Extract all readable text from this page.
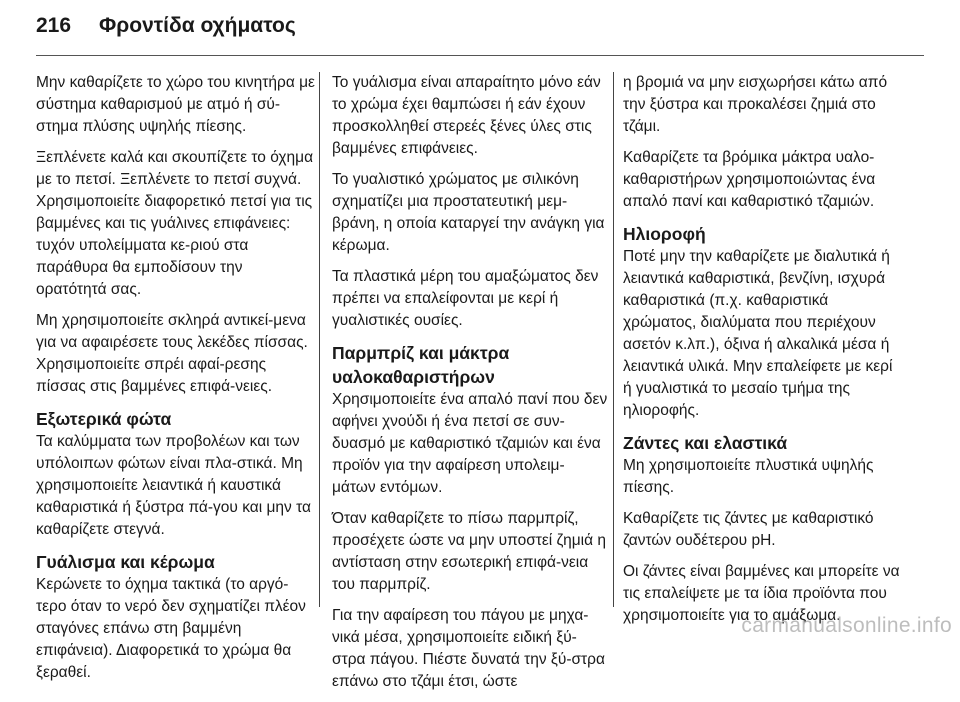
216 Φροντίδα οχήματος

Μην καθαρίζετε το χώρο του κινητήρα με σύστημα καθαρισμού με ατμό ή σύ-στημα πλύσης υψηλής πίεσης.

Ξεπλένετε καλά και σκουπίζετε το όχημα με το πετσί. Ξεπλένετε το πετσί συχνά. Χρησιμοποιείτε διαφορετικό πετσί για τις βαμμένες και τις γυάλινες επιφάνειες: τυχόν υπολείμματα κε-ριού στα παράθυρα θα εμποδίσουν την ορατότητά σας.

Μη χρησιμοποιείτε σκληρά αντικεί-μενα για να αφαιρέσετε τους λεκέδες πίσσας. Χρησιμοποιείτε σπρέι αφαί-ρεσης πίσσας στις βαμμένες επιφά-νειες.

Εξωτερικά φώτα

Τα καλύμματα των προβολέων και των υπόλοιπων φώτων είναι πλα-στικά. Μη χρησιμοποιείτε λειαντικά ή καυστικά καθαριστικά ή ξύστρα πά-γου και μην τα καθαρίζετε στεγνά.

Γυάλισμα και κέρωμα

Κερώνετε το όχημα τακτικά (το αργό-τερο όταν το νερό δεν σχηματίζει πλέον σταγόνες επάνω στη βαμμένη επιφάνεια). Διαφορετικά το χρώμα θα ξεραθεί.

Το γυάλισμα είναι απαραίτητο μόνο εάν το χρώμα έχει θαμπώσει ή εάν έχουν προσκολληθεί στερεές ξένες ύλες στις βαμμένες επιφάνειες.

Το γυαλιστικό χρώματος με σιλικόνη σχηματίζει μια προστατευτική μεμ-βράνη, η οποία καταργεί την ανάγκη για κέρωμα.

Τα πλαστικά μέρη του αμαξώματος δεν πρέπει να επαλείφονται με κερί ή γυαλιστικές ουσίες.

Παρμπρίζ και μάκτρα υαλοκαθαριστήρων

Χρησιμοποιείτε ένα απαλό πανί που δεν αφήνει χνούδι ή ένα πετσί σε συν-δυασμό με καθαριστικό τζαμιών και ένα προϊόν για την αφαίρεση υπολειμ-μάτων εντόμων.

Όταν καθαρίζετε το πίσω παρμπρίζ, προσέχετε ώστε να μην υποστεί ζημιά η αντίσταση στην εσωτερική επιφά-νεια του παρμπρίζ.

Για την αφαίρεση του πάγου με μηχα-νικά μέσα, χρησιμοποιείτε ειδική ξύ-στρα πάγου. Πιέστε δυνατά την ξύ-στρα επάνω στο τζάμι έτσι, ώστε

η βρομιά να μην εισχωρήσει κάτω από την ξύστρα και προκαλέσει ζημιά στο τζάμι.

Καθαρίζετε τα βρόμικα μάκτρα υαλο-καθαριστήρων χρησιμοποιώντας ένα απαλό πανί και καθαριστικό τζαμιών.

Ηλιοροφή

Ποτέ μην την καθαρίζετε με διαλυτικά ή λειαντικά καθαριστικά, βενζίνη, ισχυρά καθαριστικά (π.χ. καθαριστικά χρώματος, διαλύματα που περιέχουν ασετόν κ.λπ.), όξινα ή αλκαλικά μέσα ή λειαντικά υλικά. Μην επαλείφετε με κερί ή γυαλιστικά το μεσαίο τμήμα της ηλιοροφής.

Ζάντες και ελαστικά

Μη χρησιμοποιείτε πλυστικά υψηλής πίεσης.

Καθαρίζετε τις ζάντες με καθαριστικό ζαντών ουδέτερου pH.

Οι ζάντες είναι βαμμένες και μπορείτε να τις επαλείψετε με τα ίδια προϊόντα που χρησιμοποιείτε για το αμάξωμα.

carmanualsonline.info
